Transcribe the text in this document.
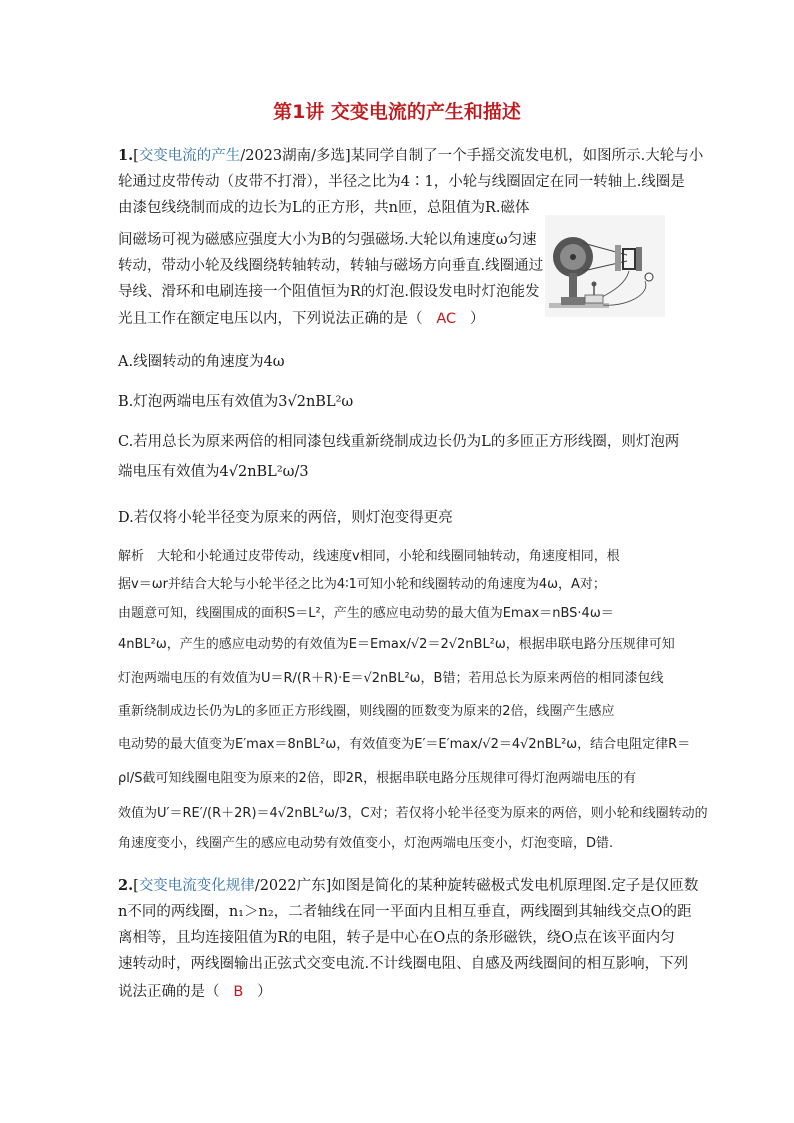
第1讲 交变电流的产生和描述
1.[交变电流的产生/2023湖南/多选]某同学自制了一个手摇交流发电机，如图所示.大轮与小
轮通过皮带传动（皮带不打滑），半径之比为4∶1，小轮与线圈固定在同一转轴上.线圈是
由漆包线绕制而成的边长为L的正方形，共n匝，总阻值为R.磁体
间磁场可视为磁感应强度大小为B的匀强磁场.大轮以角速度ω匀速
转动，带动小轮及线圈绕转轴转动，转轴与磁场方向垂直.线圈通过
导线、滑环和电刷连接一个阻值恒为R的灯泡.假设发电时灯泡能发
光且工作在额定电压以内，下列说法正确的是（ AC ）
A.线圈转动的角速度为4ω
B.灯泡两端电压有效值为3√2nBL²ω
C.若用总长为原来两倍的相同漆包线重新绕制成边长仍为L的多匝正方形线圈，则灯泡两
端电压有效值为4√2nBL²ω/3
D.若仅将小轮半径变为原来的两倍，则灯泡变得更亮
解析　大轮和小轮通过皮带传动，线速度v相同，小轮和线圈同轴转动，角速度相同，根
据v＝ωr并结合大轮与小轮半径之比为4∶1可知小轮和线圈转动的角速度为4ω，A对；
由题意可知，线圈围成的面积S＝L²，产生的感应电动势的最大值为Emax＝nBS·4ω＝
4nBL²ω，产生的感应电动势的有效值为E＝Emax/√2＝2√2nBL²ω，根据串联电路分压规律可知
灯泡两端电压的有效值为U＝R/(R＋R)·E＝√2nBL²ω，B错；若用总长为原来两倍的相同漆包线
重新绕制成边长仍为L的多匝正方形线圈，则线圈的匝数变为原来的2倍，线圈产生感应
电动势的最大值变为E′max＝8nBL²ω，有效值变为E′＝E′max/√2＝4√2nBL²ω，结合电阻定律R＝
ρl/S截可知线圈电阻变为原来的2倍，即2R，根据串联电路分压规律可得灯泡两端电压的有
效值为U′＝RE′/(R＋2R)＝4√2nBL²ω/3，C对；若仅将小轮半径变为原来的两倍，则小轮和线圈转动的
角速度变小，线圈产生的感应电动势有效值变小，灯泡两端电压变小，灯泡变暗，D错.
2.[交变电流变化规律/2022广东]如图是简化的某种旋转磁极式发电机原理图.定子是仅匝数
n不同的两线圈，n₁＞n₂，二者轴线在同一平面内且相互垂直，两线圈到其轴线交点O的距
离相等，且均连接阻值为R的电阻，转子是中心在O点的条形磁铁，绕O点在该平面内匀
速转动时，两线圈输出正弦式交变电流.不计线圈电阻、自感及两线圈间的相互影响，下列
说法正确的是（ B ）
